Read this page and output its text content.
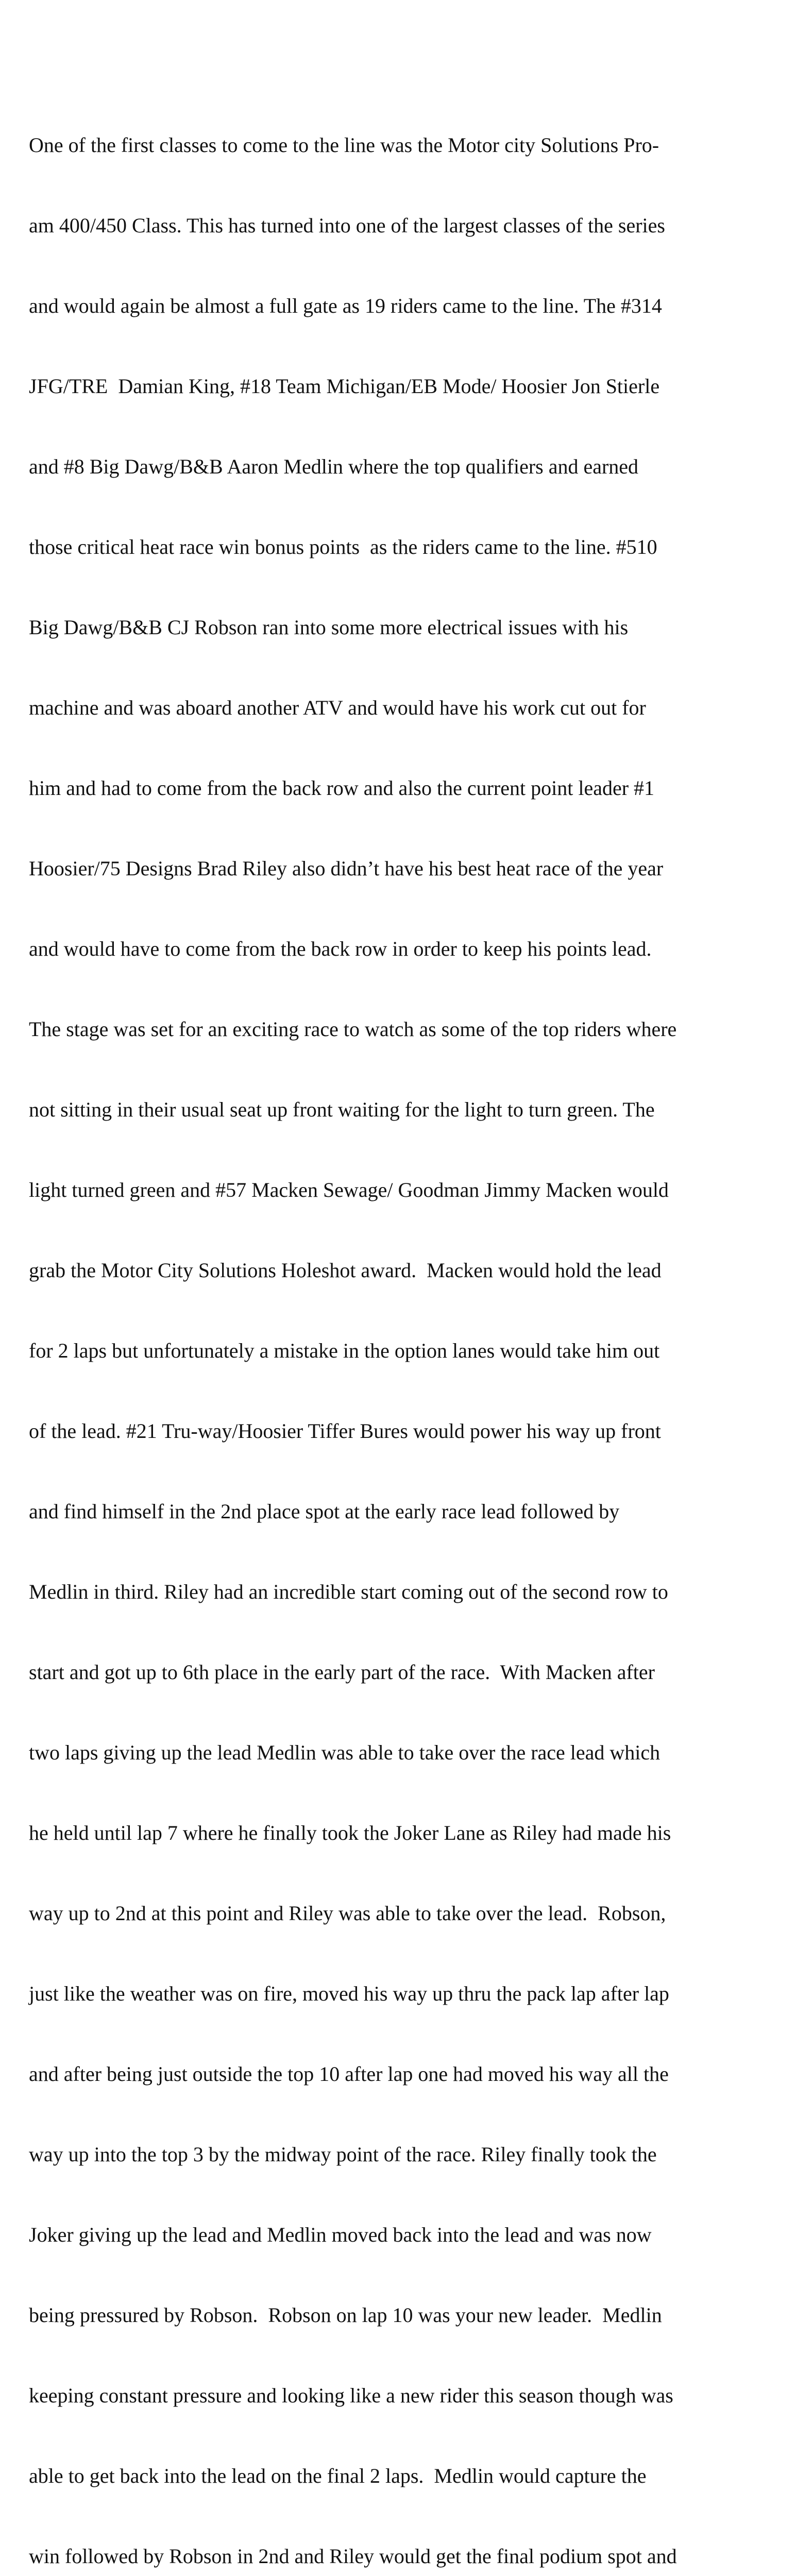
One of the first classes to come to the line was the Motor city Solutions Pro-

am 400/450 Class. This has turned into one of the largest classes of the series

and would again be almost a full gate as 19 riders came to the line. The #314

JFG/TRE  Damian King, #18 Team Michigan/EB Mode/ Hoosier Jon Stierle

and #8 Big Dawg/B&B Aaron Medlin where the top qualifiers and earned

those critical heat race win bonus points  as the riders came to the line. #510

Big Dawg/B&B CJ Robson ran into some more electrical issues with his

machine and was aboard another ATV and would have his work cut out for

him and had to come from the back row and also the current point leader #1

Hoosier/75 Designs Brad Riley also didn’t have his best heat race of the year

and would have to come from the back row in order to keep his points lead.

The stage was set for an exciting race to watch as some of the top riders where

not sitting in their usual seat up front waiting for the light to turn green. The

light turned green and #57 Macken Sewage/ Goodman Jimmy Macken would

grab the Motor City Solutions Holeshot award.  Macken would hold the lead

for 2 laps but unfortunately a mistake in the option lanes would take him out

of the lead. #21 Tru-way/Hoosier Tiffer Bures would power his way up front

and find himself in the 2nd place spot at the early race lead followed by

Medlin in third. Riley had an incredible start coming out of the second row to

start and got up to 6th place in the early part of the race.  With Macken after

two laps giving up the lead Medlin was able to take over the race lead which

he held until lap 7 where he finally took the Joker Lane as Riley had made his

way up to 2nd at this point and Riley was able to take over the lead.  Robson,

just like the weather was on fire, moved his way up thru the pack lap after lap

and after being just outside the top 10 after lap one had moved his way all the

way up into the top 3 by the midway point of the race. Riley finally took the

Joker giving up the lead and Medlin moved back into the lead and was now

being pressured by Robson.  Robson on lap 10 was your new leader.  Medlin

keeping constant pressure and looking like a new rider this season though was

able to get back into the lead on the final 2 laps.  Medlin would capture the

win followed by Robson in 2nd and Riley would get the final podium spot and
